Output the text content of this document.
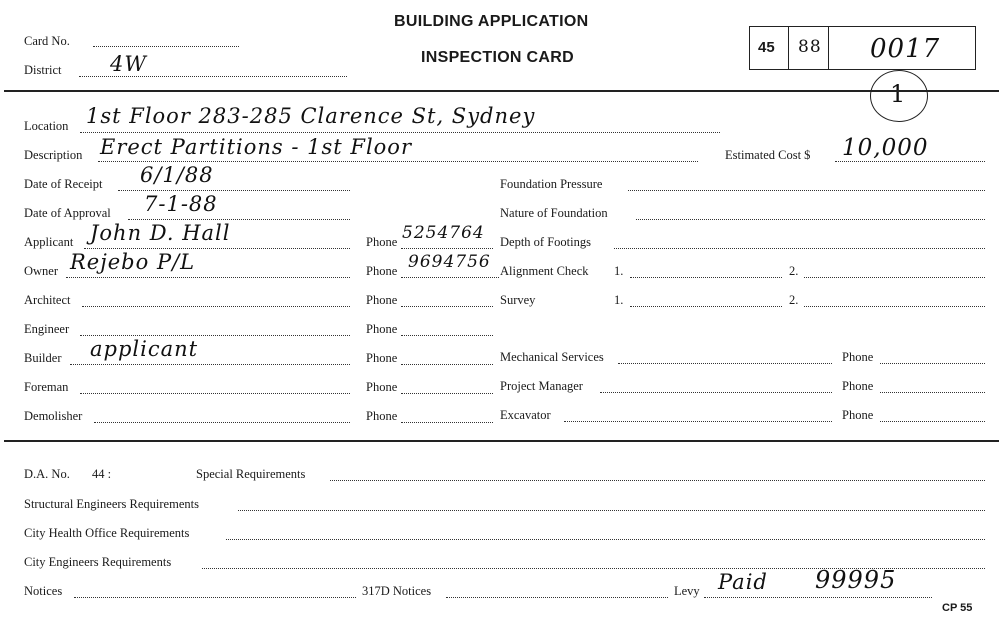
BUILDING APPLICATION
INSPECTION CARD
Card No.
District 4W
45 88 0017
1
Location 1st Floor 283-285 Clarence St, Sydney
Description Erect Partitions - 1st Floor	Estimated Cost $ 10,000
Date of Receipt 6/1/88
Date of Approval 7-1-88
Applicant John D. Hall	Phone 5254764
Owner Rejebo P/L	Phone 9694756
Architect	Phone
Engineer	Phone
Builder applicant	Phone
Foreman	Phone
Demolisher	Phone
Foundation Pressure
Nature of Foundation
Depth of Footings
Alignment Check 1.	2.
Survey	1.	2.
Mechanical Services	Phone
Project Manager	Phone
Excavator	Phone
D.A. No. 44 :	Special Requirements
Structural Engineers Requirements
City Health Office Requirements
City Engineers Requirements
Notices	317D Notices	Levy Paid 99995
CP 55
